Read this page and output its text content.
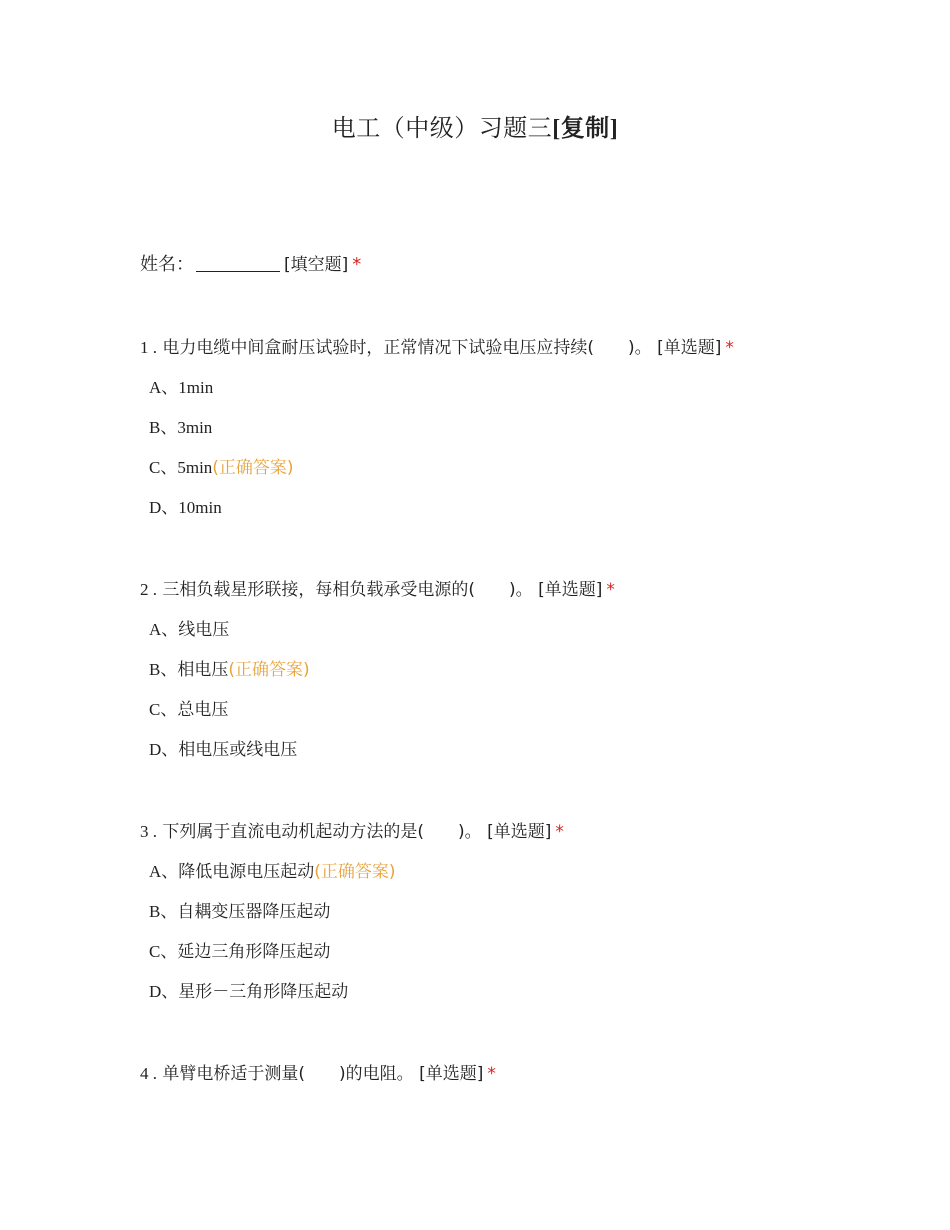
电工（中级）习题三[复制]
姓名：	[填空题] *
1 . 电力电缆中间盒耐压试验时，正常情况下试验电压应持续(　　)。 [单选题] *
A、1min
B、3min
C、5min(正确答案)
D、10min
2 . 三相负载星形联接，每相负载承受电源的(　　)。 [单选题] *
A、线电压
B、相电压(正确答案)
C、总电压
D、相电压或线电压
3 . 下列属于直流电动机起动方法的是(　　)。 [单选题] *
A、降低电源电压起动(正确答案)
B、自耦变压器降压起动
C、延边三角形降压起动
D、星形－三角形降压起动
4 . 单臂电桥适于测量(　　)的电阻。 [单选题] *
